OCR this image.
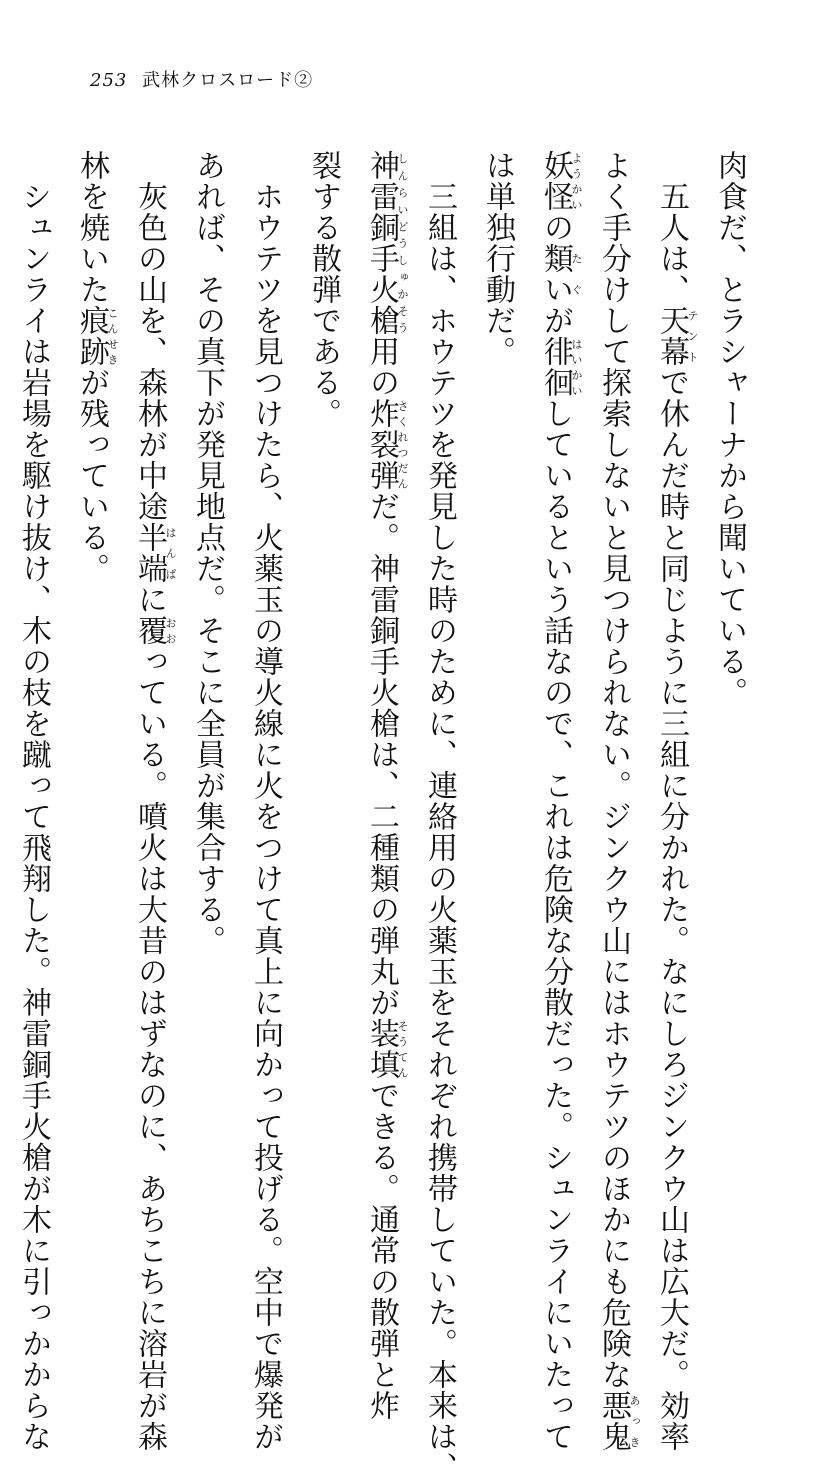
253 武林クロスロード②

肉食だ、とラシャーナから聞いている。

　五人は、天幕テントで休んだ時と同じように三組に分かれた。なにしろジンクウ山は広大だ。効率
よく手分けして探索しないと見つけられない。ジンクウ山にはホウテツのほかにも危険な悪鬼あっき
妖怪ようかいの類いたぐが徘徊はいかいしているという話なので、これは危険な分散だった。シュンライにいたって
は単独行動だ。

　三組は、ホウテツを発見した時のために、連絡用の火薬玉をそれぞれ携帯していた。本来は、
神雷銅手火槍しんらいどうしゅかそう用の炸裂弾さくれつだんだ。神雷銅手火槍は、二種類の弾丸が装填そうてんできる。通常の散弾と炸
裂する散弾である。

　ホウテツを見つけたら、火薬玉の導火線に火をつけて真上に向かって投げる。空中で爆発が
あれば、その真下が発見地点だ。そこに全員が集合する。

　灰色の山を、森林が中途半端はんぱに覆おおっている。噴火は大昔のはずなのに、あちこちに溶岩が森
林を焼いた痕跡こんせきが残っている。

　シュンライは岩場を駆け抜け、木の枝を蹴って飛翔した。神雷銅手火槍が木に引っかからな
